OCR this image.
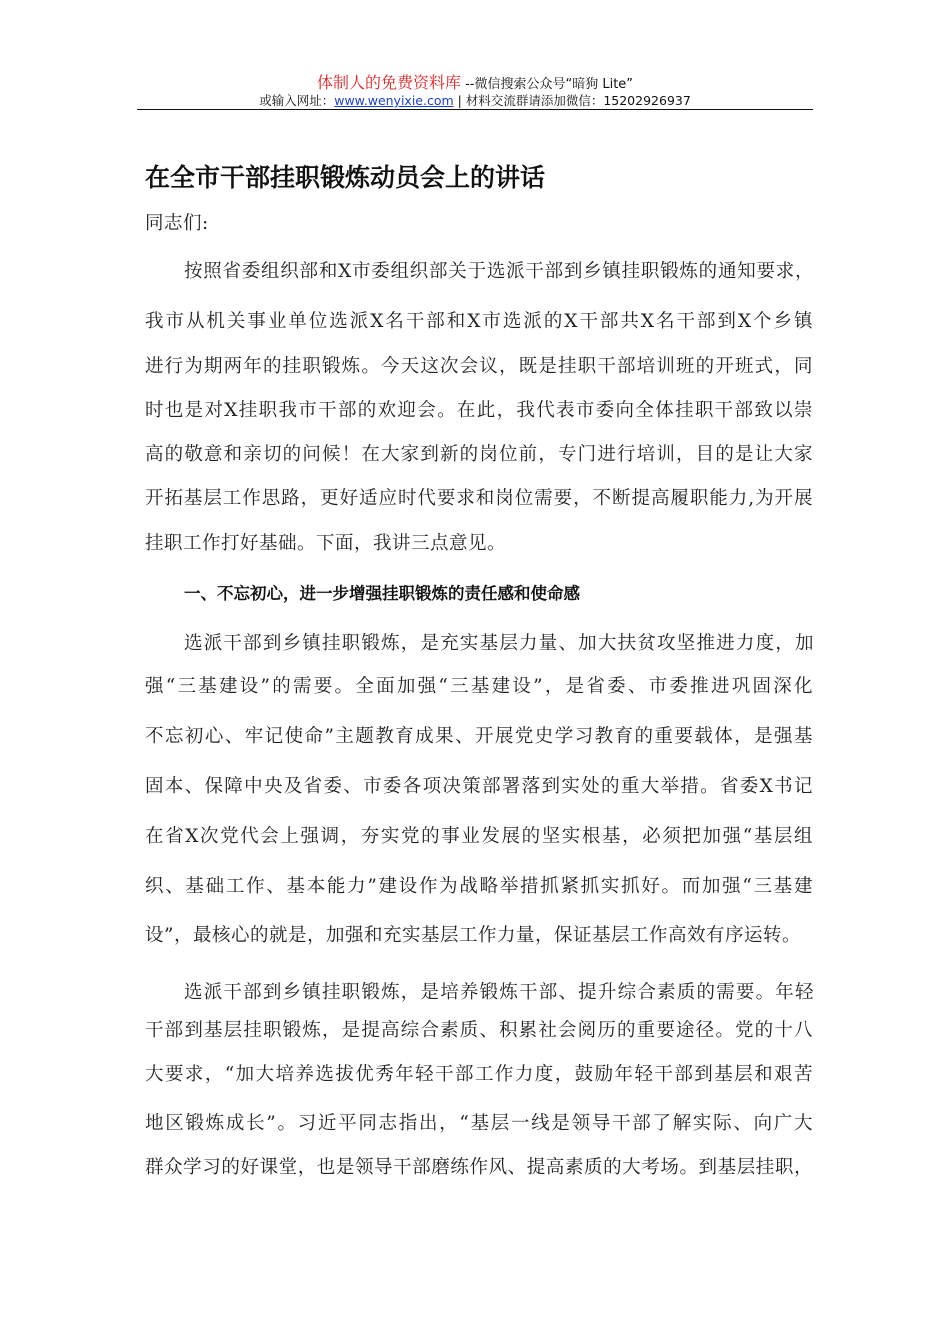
体制人的免费资料库 --微信搜索公众号“暗狗 Lite”
或输入网址：www.wenyixie.com | 材料交流群请添加微信：15202926937
在全市干部挂职锻炼动员会上的讲话
同志们:
按照省委组织部和X市委组织部关于选派干部到乡镇挂职锻炼的通知要求，
我市从机关事业单位选派X名干部和X市选派的X干部共X名干部到X个乡镇
进行为期两年的挂职锻炼。今天这次会议，既是挂职干部培训班的开班式，同
时也是对X挂职我市干部的欢迎会。在此，我代表市委向全体挂职干部致以崇
高的敬意和亲切的问候！在大家到新的岗位前，专门进行培训，目的是让大家
开拓基层工作思路，更好适应时代要求和岗位需要，不断提高履职能力,为开展
挂职工作打好基础。下面，我讲三点意见。
选派干部到乡镇挂职锻炼，是充实基层力量、加大扶贫攻坚推进力度，加
强“三基建设”的需要。全面加强“三基建设”，是省委、市委推进巩固深化
不忘初心、牢记使命”主题教育成果、开展党史学习教育的重要载体，是强基
固本、保障中央及省委、市委各项决策部署落到实处的重大举措。省委X书记
在省X次党代会上强调，夯实党的事业发展的坚实根基，必须把加强“基层组
织、基础工作、基本能力”建设作为战略举措抓紧抓实抓好。而加强“三基建
设”，最核心的就是，加强和充实基层工作力量，保证基层工作高效有序运转。
选派干部到乡镇挂职锻炼，是培养锻炼干部、提升综合素质的需要。年轻
干部到基层挂职锻炼，是提高综合素质、积累社会阅历的重要途径。党的十八
大要求，“加大培养选拔优秀年轻干部工作力度，鼓励年轻干部到基层和艰苦
地区锻炼成长”。习近平同志指出，“基层一线是领导干部了解实际、向广大
群众学习的好课堂，也是领导干部磨练作风、提高素质的大考场。到基层挂职，
一、不忘初心，进一步增强挂职锻炼的责任感和使命感
